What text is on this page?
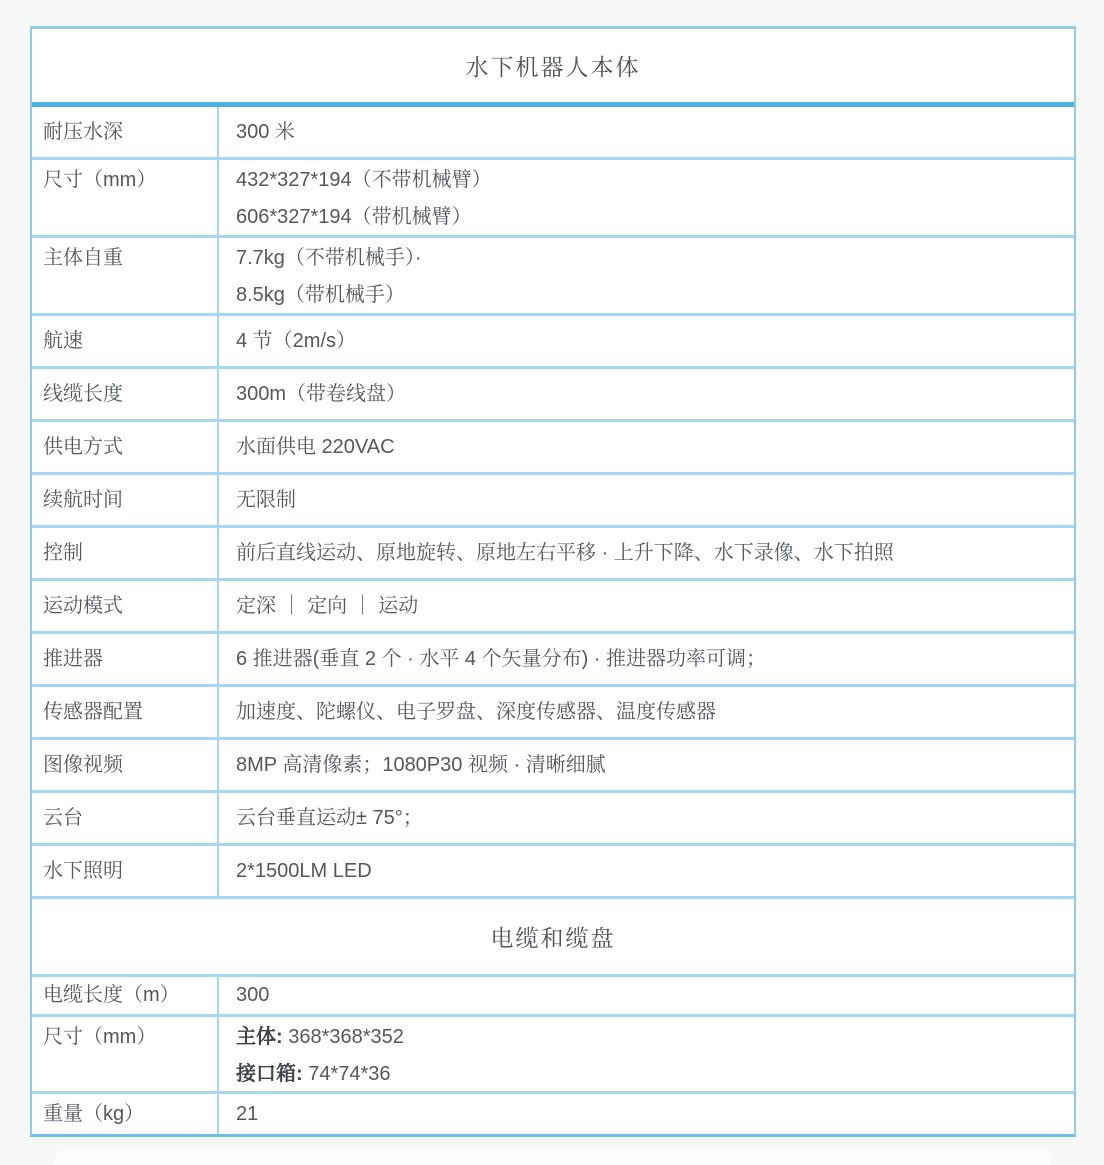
水下机器人本体
耐压水深	300 米
尺寸（mm）	432*327*194（不带机械臂）
606*327*194（带机械臂）
主体自重	7.7kg（不带机械手）·
8.5kg（带机械手）
航速	4 节（2m/s）
线缆长度	300m（带卷线盘）
供电方式	水面供电 220VAC
续航时间	无限制
控制	前后直线运动、原地旋转、原地左右平移 · 上升下降、水下录像、水下拍照
运动模式	定深 ｜ 定向 ｜ 运动
推进器	6 推进器(垂直 2 个 · 水平 4 个矢量分布) · 推进器功率可调；
传感器配置	加速度、陀螺仪、电子罗盘、深度传感器、温度传感器
图像视频	8MP 高清像素；1080P30 视频 · 清晰细腻
云台	云台垂直运动± 75°；
水下照明	2*1500LM LED
电缆和缆盘
电缆长度（m）	300
尺寸（mm）	主体: 368*368*352
接口箱: 74*74*36
重量（kg）	21
